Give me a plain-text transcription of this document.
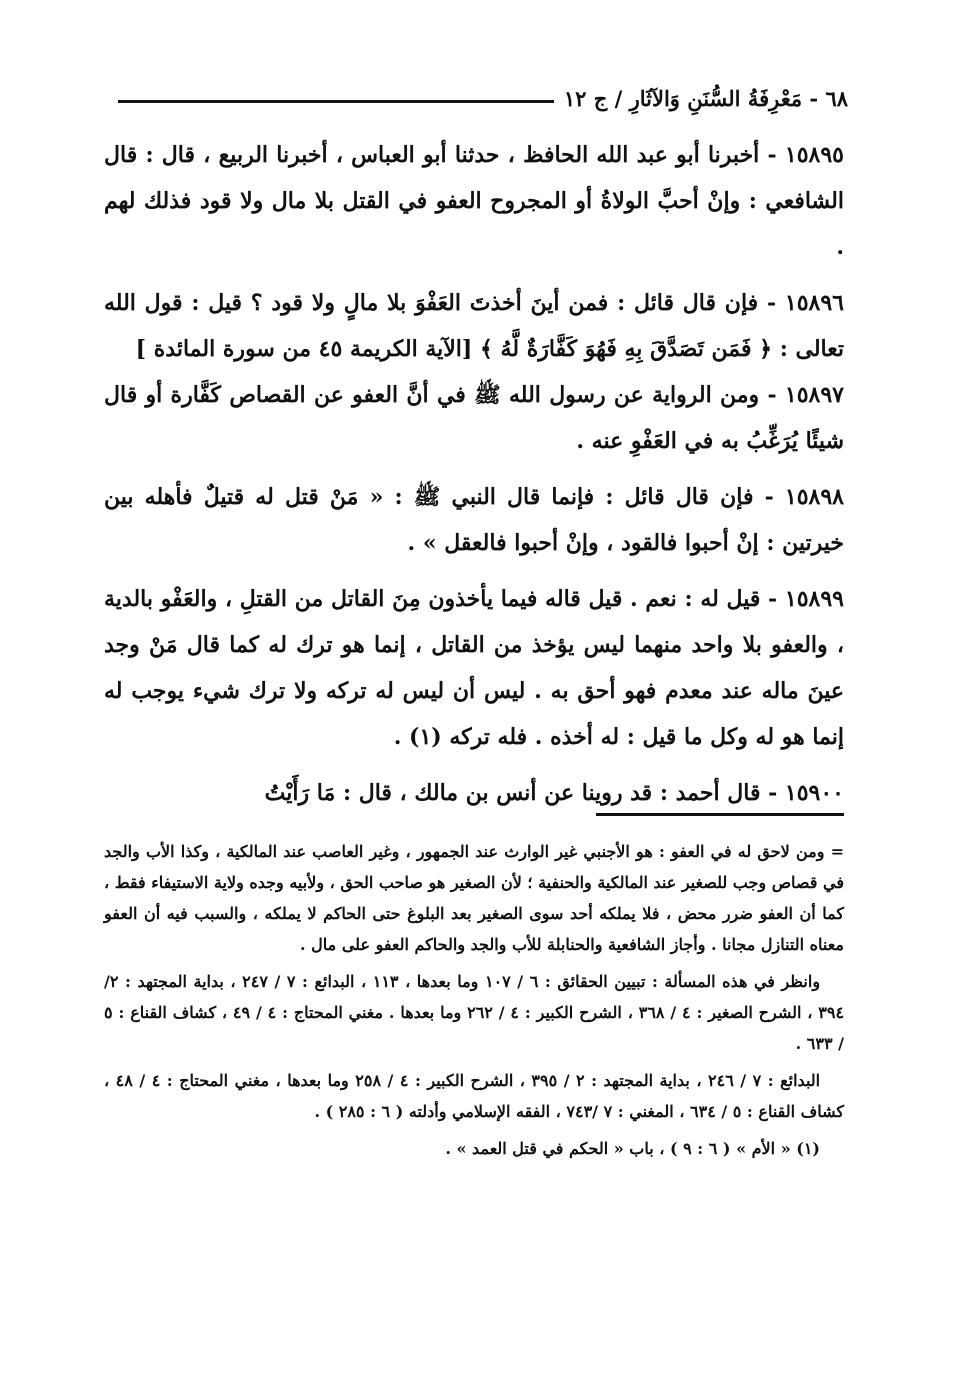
٦٨ - مَعْرِفَةُ السُّنَنِ وَالآثَارِ / ج ١٢

١٥٨٩٥ - أخبرنا أبو عبد الله الحافظ ، حدثنا أبو العباس ، أخبرنا الربيع ، قال : قال الشافعي : وإنْ أحبَّ الولاةُ أو المجروح العفو في القتل بلا مال ولا قود فذلك لهم .

١٥٨٩٦ - فإن قال قائل : فمن أينَ أخذتَ العَفْوَ بلا مالٍ ولا قود ؟ قيل : قول الله تعالى : ﴿ فَمَن تَصَدَّقَ بِهِ فَهُوَ كَفَّارَةٌ لَّهُ ﴾ [الآية الكريمة ٤٥ من سورة المائدة ]

١٥٨٩٧ - ومن الرواية عن رسول الله ﷺ في أنَّ العفو عن القصاص كَفَّارة أو قال شيئًا يُرَغِّبُ به في العَفْوِ عنه .

١٥٨٩٨ - فإن قال قائل : فإنما قال النبي ﷺ : « مَنْ قتل له قتيلٌ فأهله بين خيرتين : إنْ أحبوا فالقود ، وإنْ أحبوا فالعقل » .

١٥٨٩٩ - قيل له : نعم . قيل قاله فيما يأخذون مِنَ القاتل من القتلِ ، والعَفْو بالدية ، والعفو بلا واحد منهما ليس يؤخذ من القاتل ، إنما هو ترك له كما قال مَنْ وجد عينَ ماله عند معدم فهو أحق به . ليس أن ليس له تركه ولا ترك شيء يوجب له إنما هو له وكل ما قيل : له أخذه . فله تركه (١) .

١٥٩٠٠ - قال أحمد : قد روينا عن أنس بن مالك ، قال : مَا رَأَيْتُ

= ومن لاحق له في العفو : هو الأجنبي غير الوارث عند الجمهور ، وغير العاصب عند المالكية ، وكذا الأب والجد في قصاص وجب للصغير عند المالكية والحنفية ؛ لأن الصغير هو صاحب الحق ، ولأبيه وجده ولاية الاستيفاء فقط ، كما أن العفو ضرر محض ، فلا يملكه أحد سوى الصغير بعد البلوغ حتى الحاكم لا يملكه ، والسبب فيه أن العفو معناه التنازل مجانا . وأجاز الشافعية والحنابلة للأب والجد والحاكم العفو على مال .

وانظر في هذه المسألة : تبيين الحقائق : ٦ / ١٠٧ وما بعدها ، ١١٣ ، البدائع : ٧ / ٢٤٧ ، بداية المجتهد : ٢/ ٣٩٤ ، الشرح الصغير : ٤ / ٣٦٨ ، الشرح الكبير : ٤ / ٢٦٢ وما بعدها . مغني المحتاج : ٤ / ٤٩ ، كشاف القناع : ٥ / ٦٣٣ .

البدائع : ٧ / ٢٤٦ ، بداية المجتهد : ٢ / ٣٩٥ ، الشرح الكبير : ٤ / ٢٥٨ وما بعدها ، مغني المحتاج : ٤ / ٤٨ ، كشاف القناع : ٥ / ٦٣٤ ، المغني : ٧ /٧٤٣ ، الفقه الإسلامي وأدلته ( ٦ : ٢٨٥ ) .

(١) « الأم » ( ٦ : ٩ ) ، باب « الحكم في قتل العمد » .
